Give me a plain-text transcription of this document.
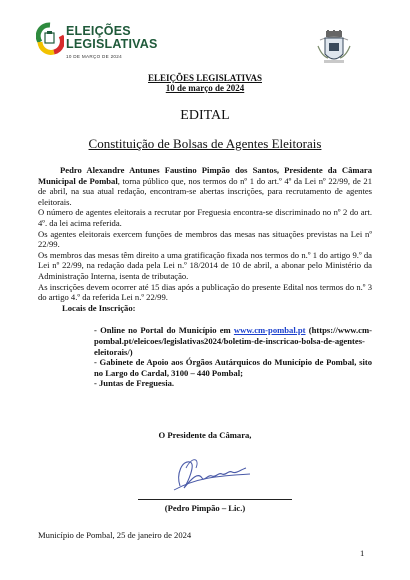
ELEIÇÕES
LEGISLATIVAS
10 DE MARÇO DE 2024
ELEIÇÕES LEGISLATIVAS
10 de março de 2024
EDITAL
Constituição de Bolsas de Agentes Eleitorais

Pedro Alexandre Antunes Faustino Pimpão dos Santos, Presidente da Câmara Municipal de Pombal, torna público que, nos termos do nº 1 do art.º 4º da Lei nº 22/99, de 21 de abril, na sua atual redação, encontram-se abertas inscrições, para recrutamento de agentes eleitorais.

O número de agentes eleitorais a recrutar por Freguesia encontra-se discriminado no nº 2 do art. 4º. da lei acima referida.

Os agentes eleitorais exercem funções de membros das mesas nas situações previstas na Lei nº 22/99.

Os membros das mesas têm direito a uma gratificação fixada nos termos do n.º 1 do artigo 9.º da Lei nº 22/99, na redação dada pela Lei n.º 18/2014 de 10 de abril, a abonar pelo Ministério da Administração Interna, isenta de tributação.

As inscrições devem ocorrer até 15 dias após a publicação do presente Edital nos termos do n.º 3 do artigo 4.º da referida Lei n.º 22/99.

Locais de Inscrição:

- Online no Portal do Município em www.cm-pombal.pt (https://www.cm-pombal.pt/eleicoes/legislativas2024/boletim-de-inscricao-bolsa-de-agentes-eleitorais/)

- Gabinete de Apoio aos Órgãos Autárquicos do Município de Pombal, sito no Largo do Cardal, 3100 – 440 Pombal;

- Juntas de Freguesia.

O Presidente da Câmara,
(Pedro Pimpão – Lic.)
Município de Pombal, 25 de janeiro de 2024
1
